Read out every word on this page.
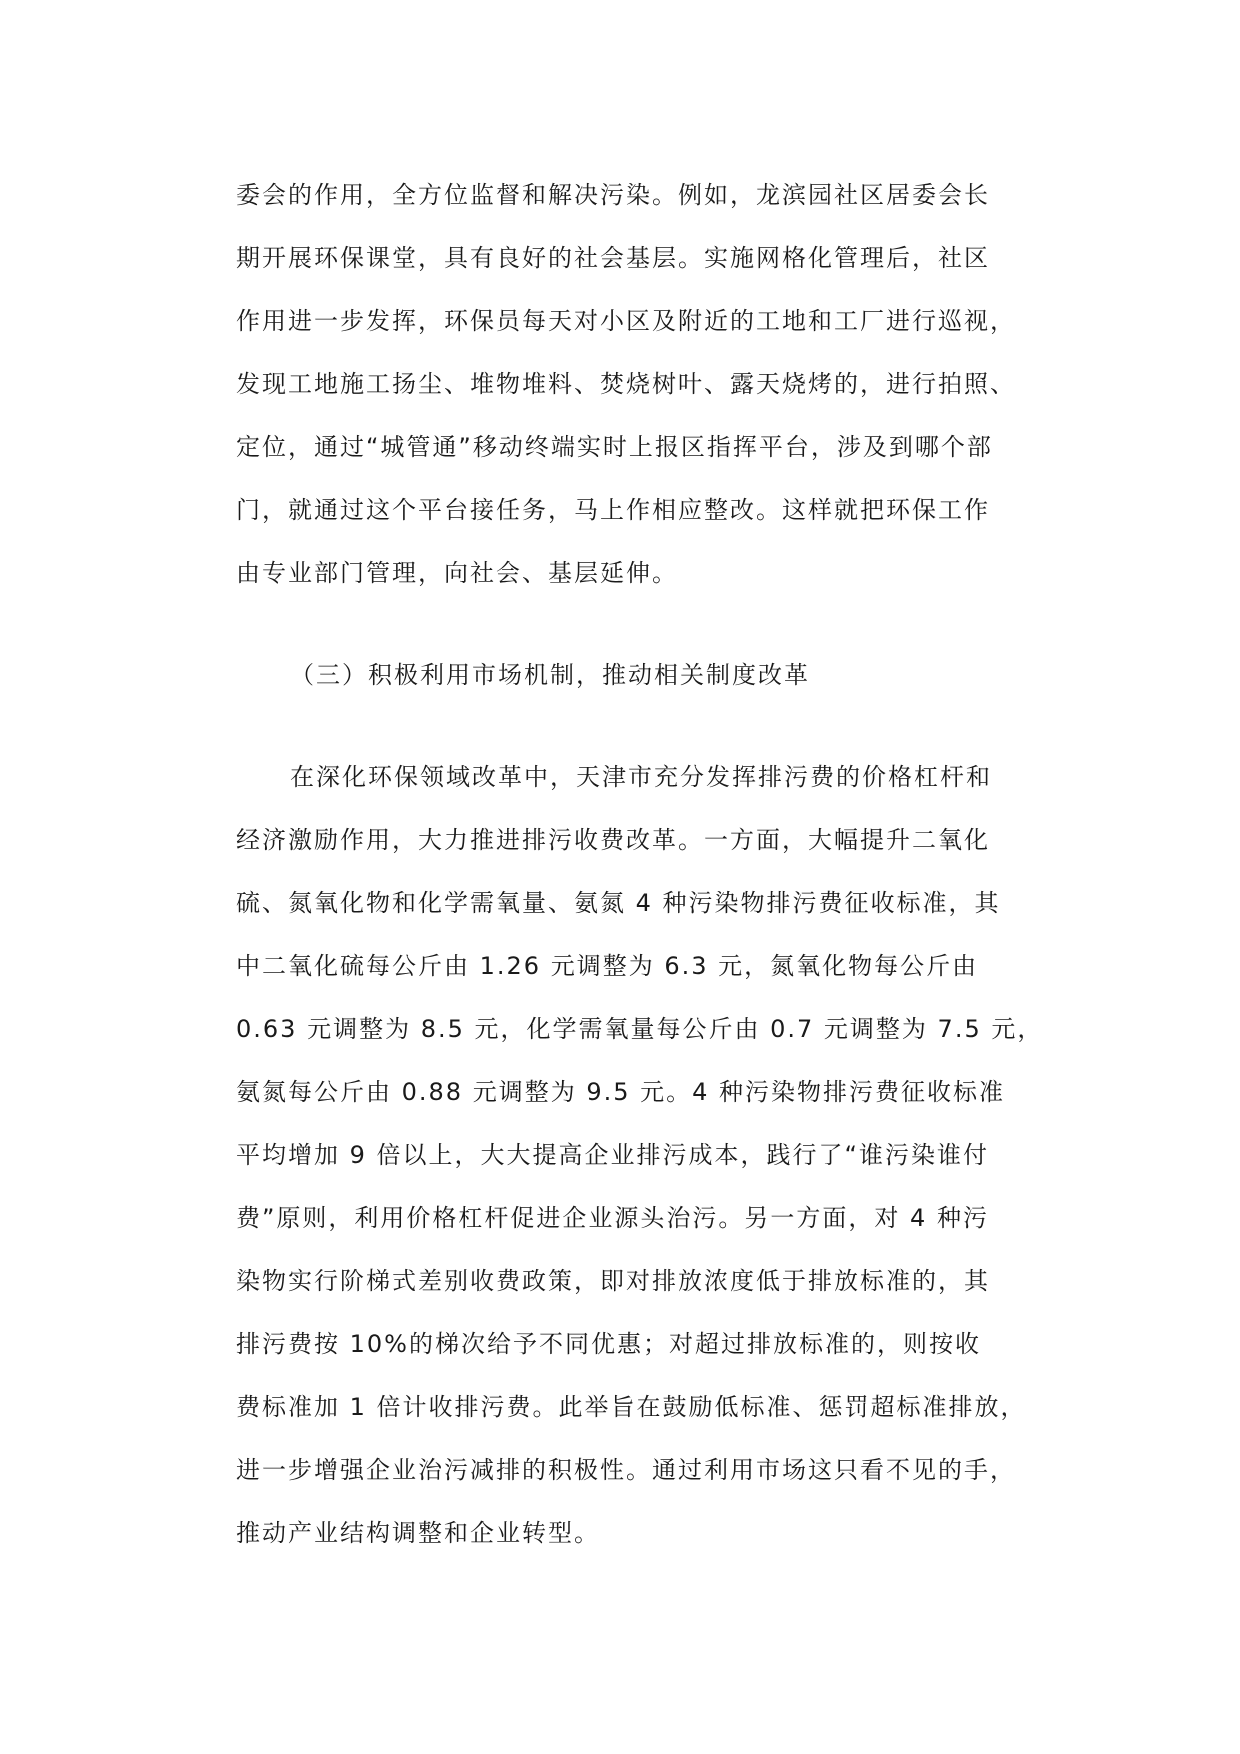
委会的作用，全方位监督和解决污染。例如，龙滨园社区居委会长
期开展环保课堂，具有良好的社会基层。实施网格化管理后，社区
作用进一步发挥，环保员每天对小区及附近的工地和工厂进行巡视，
发现工地施工扬尘、堆物堆料、焚烧树叶、露天烧烤的，进行拍照、
定位，通过“城管通”移动终端实时上报区指挥平台，涉及到哪个部
门，就通过这个平台接任务，马上作相应整改。这样就把环保工作
由专业部门管理，向社会、基层延伸。
（三）积极利用市场机制，推动相关制度改革
在深化环保领域改革中，天津市充分发挥排污费的价格杠杆和
经济激励作用，大力推进排污收费改革。一方面，大幅提升二氧化
硫、氮氧化物和化学需氧量、氨氮 4 种污染物排污费征收标准，其
中二氧化硫每公斤由 1.26 元调整为 6.3 元，氮氧化物每公斤由
0.63 元调整为 8.5 元，化学需氧量每公斤由 0.7 元调整为 7.5 元，
氨氮每公斤由 0.88 元调整为 9.5 元。4 种污染物排污费征收标准
平均增加 9 倍以上，大大提高企业排污成本，践行了“谁污染谁付
费”原则，利用价格杠杆促进企业源头治污。另一方面，对 4 种污
染物实行阶梯式差别收费政策，即对排放浓度低于排放标准的，其
排污费按 10%的梯次给予不同优惠；对超过排放标准的，则按收
费标准加 1 倍计收排污费。此举旨在鼓励低标准、惩罚超标准排放，
进一步增强企业治污减排的积极性。通过利用市场这只看不见的手，
推动产业结构调整和企业转型。
